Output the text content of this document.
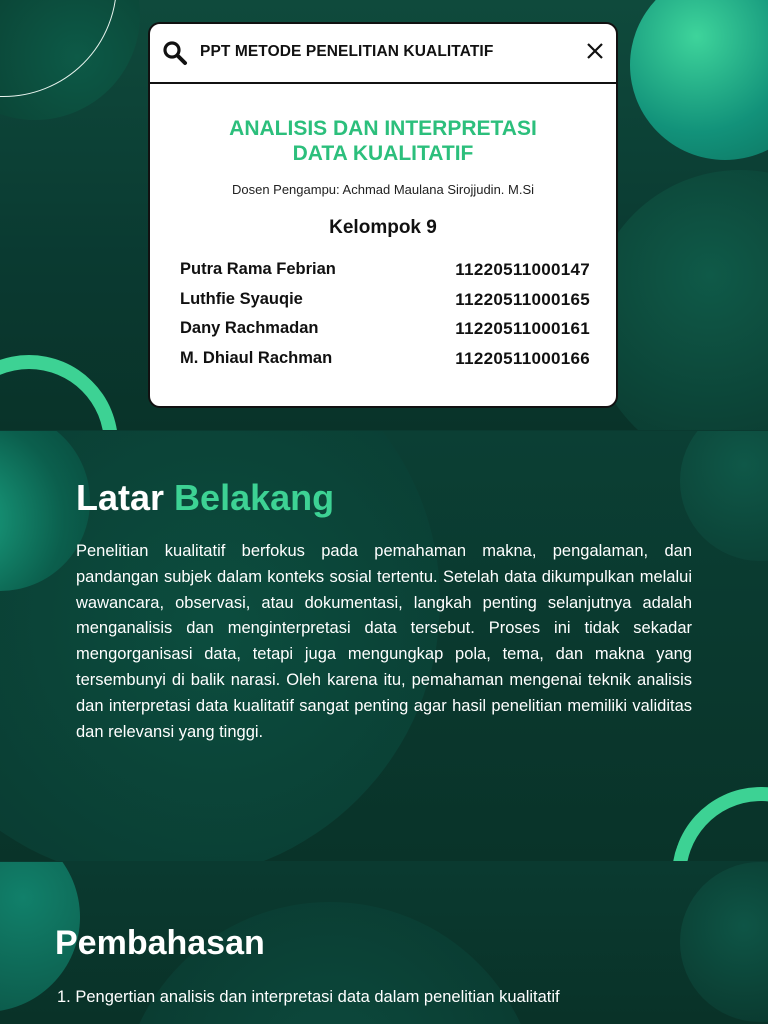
PPT METODE PENELITIAN KUALITATIF
ANALISIS DAN INTERPRETASI
DATA KUALITATIF
Dosen Pengampu: Achmad Maulana Sirojjudin. M.Si
Kelompok 9
Putra Rama Febrian	11220511000147
Luthfie Syauqie	11220511000165
Dany Rachmadan	11220511000161
M. Dhiaul Rachman	11220511000166
Latar Belakang
Penelitian kualitatif berfokus pada pemahaman makna, pengalaman, dan pandangan subjek dalam konteks sosial tertentu. Setelah data dikumpulkan melalui wawancara, observasi, atau dokumentasi, langkah penting selanjutnya adalah menganalisis dan menginterpretasi data tersebut. Proses ini tidak sekadar mengorganisasi data, tetapi juga mengungkap pola, tema, dan makna yang tersembunyi di balik narasi. Oleh karena itu, pemahaman mengenai teknik analisis dan interpretasi data kualitatif sangat penting agar hasil penelitian memiliki validitas dan relevansi yang tinggi.
Pembahasan
1. Pengertian analisis dan interpretasi data dalam penelitian kualitatif
